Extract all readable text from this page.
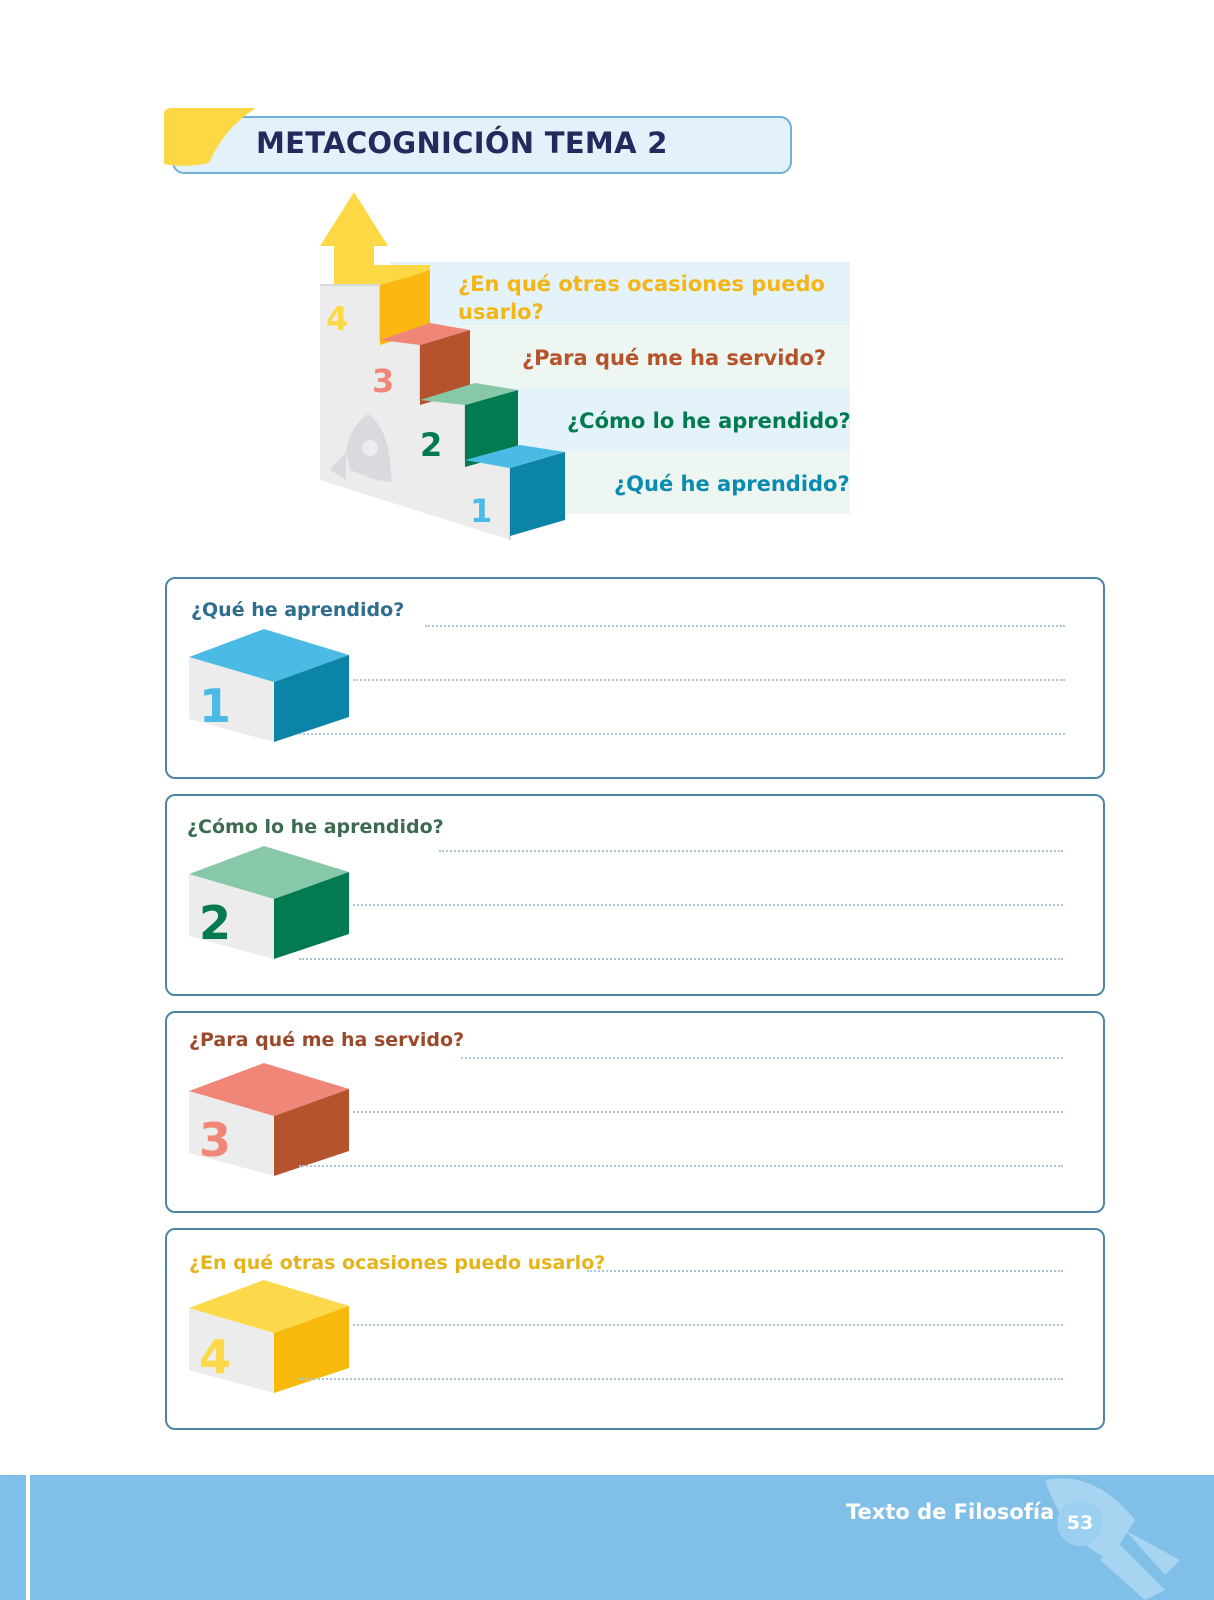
METACOGNICIÓN TEMA 2
4
3
2
1
¿En qué otras ocasiones puedo usarlo?
¿Para qué me ha servido?
¿Cómo lo he aprendido?
¿Qué he aprendido?
¿Qué he aprendido?
1
¿Cómo lo he aprendido?
2
¿Para qué me ha servido?
3
¿En qué otras ocasiones puedo usarlo?
4
Texto de Filosofía 53
